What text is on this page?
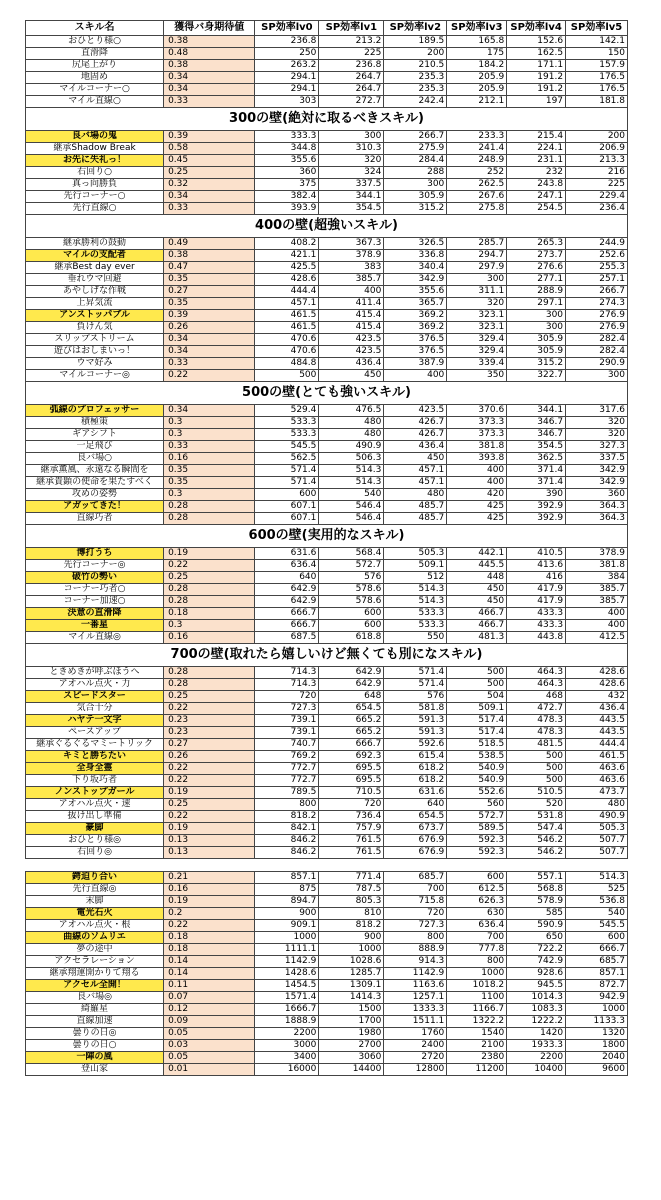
スキル名	獲得バ身期待値	SP効率lv0	SP効率lv1	SP効率lv2	SP効率lv3	SP効率lv4	SP効率lv5
おひとり様○	0.38	236.8	213.2	189.5	165.8	152.6	142.1
直滑降	0.48	250	225	200	175	162.5	150
尻尾上がり	0.38	263.2	236.8	210.5	184.2	171.1	157.9
地固め	0.34	294.1	264.7	235.3	205.9	191.2	176.5
マイルコーナー○	0.34	294.1	264.7	235.3	205.9	191.2	176.5
マイル直線○	0.33	303	272.7	242.4	212.1	197	181.8
300の壁(絶対に取るべきスキル)							
良バ場の鬼	0.39	333.3	300	266.7	233.3	215.4	200
継承Shadow Break	0.58	344.8	310.3	275.9	241.4	224.1	206.9
お先に失礼っ！	0.45	355.6	320	284.4	248.9	231.1	213.3
右回り○	0.25	360	324	288	252	232	216
真っ向勝負	0.32	375	337.5	300	262.5	243.8	225
先行コーナー○	0.34	382.4	344.1	305.9	267.6	247.1	229.4
先行直線○	0.33	393.9	354.5	315.2	275.8	254.5	236.4
400の壁(超強いスキル)							
継承勝利の鼓動	0.49	408.2	367.3	326.5	285.7	265.3	244.9
マイルの支配者	0.38	421.1	378.9	336.8	294.7	273.7	252.6
継承Best day ever	0.47	425.5	383	340.4	297.9	276.6	255.3
垂れウマ回避	0.35	428.6	385.7	342.9	300	277.1	257.1
あやしげな作戦	0.27	444.4	400	355.6	311.1	288.9	266.7
上昇気流	0.35	457.1	411.4	365.7	320	297.1	274.3
アンストッパブル	0.39	461.5	415.4	369.2	323.1	300	276.9
負けん気	0.26	461.5	415.4	369.2	323.1	300	276.9
スリップストリーム	0.34	470.6	423.5	376.5	329.4	305.9	282.4
遊びはおしまいっ！	0.34	470.6	423.5	376.5	329.4	305.9	282.4
ウマ好み	0.33	484.8	436.4	387.9	339.4	315.2	290.9
マイルコーナー◎	0.22	500	450	400	350	322.7	300
500の壁(とても強いスキル)							
弧線のプロフェッサー	0.34	529.4	476.5	423.5	370.6	344.1	317.6
積極策	0.3	533.3	480	426.7	373.3	346.7	320
ギアシフト	0.3	533.3	480	426.7	373.3	346.7	320
一足飛び	0.33	545.5	490.9	436.4	381.8	354.5	327.3
良バ場○	0.16	562.5	506.3	450	393.8	362.5	337.5
継承薫風、永遠なる瞬間を	0.35	571.4	514.3	457.1	400	371.4	342.9
継承貴顕の使命を果たすべく	0.35	571.4	514.3	457.1	400	371.4	342.9
攻めの姿勢	0.3	600	540	480	420	390	360
アガッてきた！	0.28	607.1	546.4	485.7	425	392.9	364.3
直線巧者	0.28	607.1	546.4	485.7	425	392.9	364.3
600の壁(実用的なスキル)							
博打うち	0.19	631.6	568.4	505.3	442.1	410.5	378.9
先行コーナー◎	0.22	636.4	572.7	509.1	445.5	413.6	381.8
破竹の勢い	0.25	640	576	512	448	416	384
コーナー巧者○	0.28	642.9	578.6	514.3	450	417.9	385.7
コーナー加速○	0.28	642.9	578.6	514.3	450	417.9	385.7
決意の直滑降	0.18	666.7	600	533.3	466.7	433.3	400
一番星	0.3	666.7	600	533.3	466.7	433.3	400
マイル直線◎	0.16	687.5	618.8	550	481.3	443.8	412.5
700の壁(取れたら嬉しいけど無くても別になスキル)							
ときめきが呼ぶほうへ	0.28	714.3	642.9	571.4	500	464.3	428.6
アオハル点火・力	0.28	714.3	642.9	571.4	500	464.3	428.6
スピードスター	0.25	720	648	576	504	468	432
気合十分	0.22	727.3	654.5	581.8	509.1	472.7	436.4
ハヤテ一文字	0.23	739.1	665.2	591.3	517.4	478.3	443.5
ペースアップ	0.23	739.1	665.2	591.3	517.4	478.3	443.5
継承ぐるぐるマミートリック	0.27	740.7	666.7	592.6	518.5	481.5	444.4
キミと勝ちたい	0.26	769.2	692.3	615.4	538.5	500	461.5
全身全霊	0.22	772.7	695.5	618.2	540.9	500	463.6
下り坂巧者	0.22	772.7	695.5	618.2	540.9	500	463.6
ノンストップガール	0.19	789.5	710.5	631.6	552.6	510.5	473.7
アオハル点火・速	0.25	800	720	640	560	520	480
抜け出し準備	0.22	818.2	736.4	654.5	572.7	531.8	490.9
豪脚	0.19	842.1	757.9	673.7	589.5	547.4	505.3
おひとり様◎	0.13	846.2	761.5	676.9	592.3	546.2	507.7
右回り◎	0.13	846.2	761.5	676.9	592.3	546.2	507.7

鍔迫り合い	0.21	857.1	771.4	685.7	600	557.1	514.3
先行直線◎	0.16	875	787.5	700	612.5	568.8	525
末脚	0.19	894.7	805.3	715.8	626.3	578.9	536.8
電光石火	0.2	900	810	720	630	585	540
アオハル点火・根	0.22	909.1	818.2	727.3	636.4	590.9	545.5
曲線のソムリエ	0.18	1000	900	800	700	650	600
夢の途中	0.18	1111.1	1000	888.9	777.8	722.2	666.7
アクセラレーション	0.14	1142.9	1028.6	914.3	800	742.9	685.7
継承翔運開かりて翔る	0.14	1428.6	1285.7	1142.9	1000	928.6	857.1
アクセル全開！	0.11	1454.5	1309.1	1163.6	1018.2	945.5	872.7
良バ場◎	0.07	1571.4	1414.3	1257.1	1100	1014.3	942.9
綺羅星	0.12	1666.7	1500	1333.3	1166.7	1083.3	1000
直線加速	0.09	1888.9	1700	1511.1	1322.2	1222.2	1133.3
曇りの日◎	0.05	2200	1980	1760	1540	1420	1320
曇りの日○	0.03	3000	2700	2400	2100	1933.3	1800
一陣の風	0.05	3400	3060	2720	2380	2200	2040
登山家	0.01	16000	14400	12800	11200	10400	9600
